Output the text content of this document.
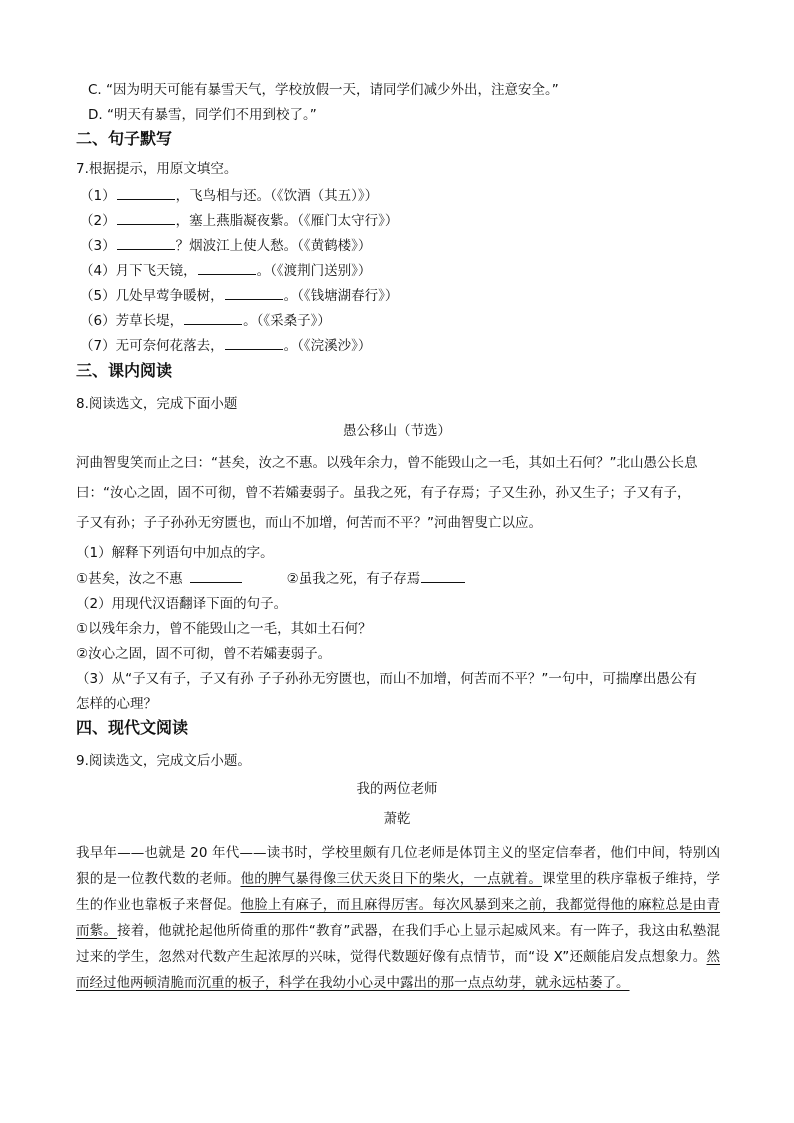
C. “因为明天可能有暴雪天气，学校放假一天，请同学们减少外出，注意安全。”
D. “明天有暴雪，同学们不用到校了。”
二、句子默写
7.根据提示，用原文填空。
（1）	，飞鸟相与还。（《饮酒（其五）》）
（2）	，塞上燕脂凝夜紫。（《雁门太守行》）
（3）	？烟波江上使人愁。（《黄鹤楼》）
（4）月下飞天镜，	。（《渡荆门送别》）
（5）几处早莺争暖树，	。（《钱塘湖春行》）
（6）芳草长堤，	。（《采桑子》）
（7）无可奈何花落去，	。（《浣溪沙》）
三、课内阅读
8.阅读选文，完成下面小题
愚公移山（节选）
河曲智叟笑而止之曰：“甚矣，汝之不惠。以残年余力，曾不能毁山之一毛，其如土石何？”北山愚公长息
曰：“汝心之固，固不可彻，曾不若孀妻弱子。虽我之死，有子存焉；子又生孙，孙又生子；子又有子，
子又有孙；子子孙孙无穷匮也，而山不加增，何苦而不平？”河曲智叟亡以应。
（1）解释下列语句中加点的字。
①甚矣，汝之不惠	②虽我之死，有子存焉
（2）用现代汉语翻译下面的句子。
①以残年余力，曾不能毁山之一毛，其如土石何？
②汝心之固，固不可彻，曾不若孀妻弱子。
（3）从“子又有子，子又有孙 子子孙孙无穷匮也，而山不加增，何苦而不平？”一句中，可揣摩出愚公有
怎样的心理？
四、现代文阅读
9.阅读选文，完成文后小题。
我的两位老师
萧乾
我早年——也就是 20 年代——读书时，学校里颇有几位老师是体罚主义的坚定信奉者，他们中间，特别凶狠的是一位教代数的老师。他的脾气暴得像三伏天炎日下的柴火，一点就着。课堂里的秩序靠板子维持，学生的作业也靠板子来督促。他脸上有麻子，而且麻得厉害。每次风暴到来之前，我都觉得他的麻粒总是由青而紫。接着，他就抡起他所倚重的那件“教育”武器，在我们手心上显示起威风来。有一阵子，我这由私塾混过来的学生，忽然对代数产生起浓厚的兴味，觉得代数题好像有点情节，而“设 X”还颇能启发点想象力。然而经过他两顿清脆而沉重的板子，科学在我幼小心灵中露出的那一点点幼芽，就永远枯萎了。
